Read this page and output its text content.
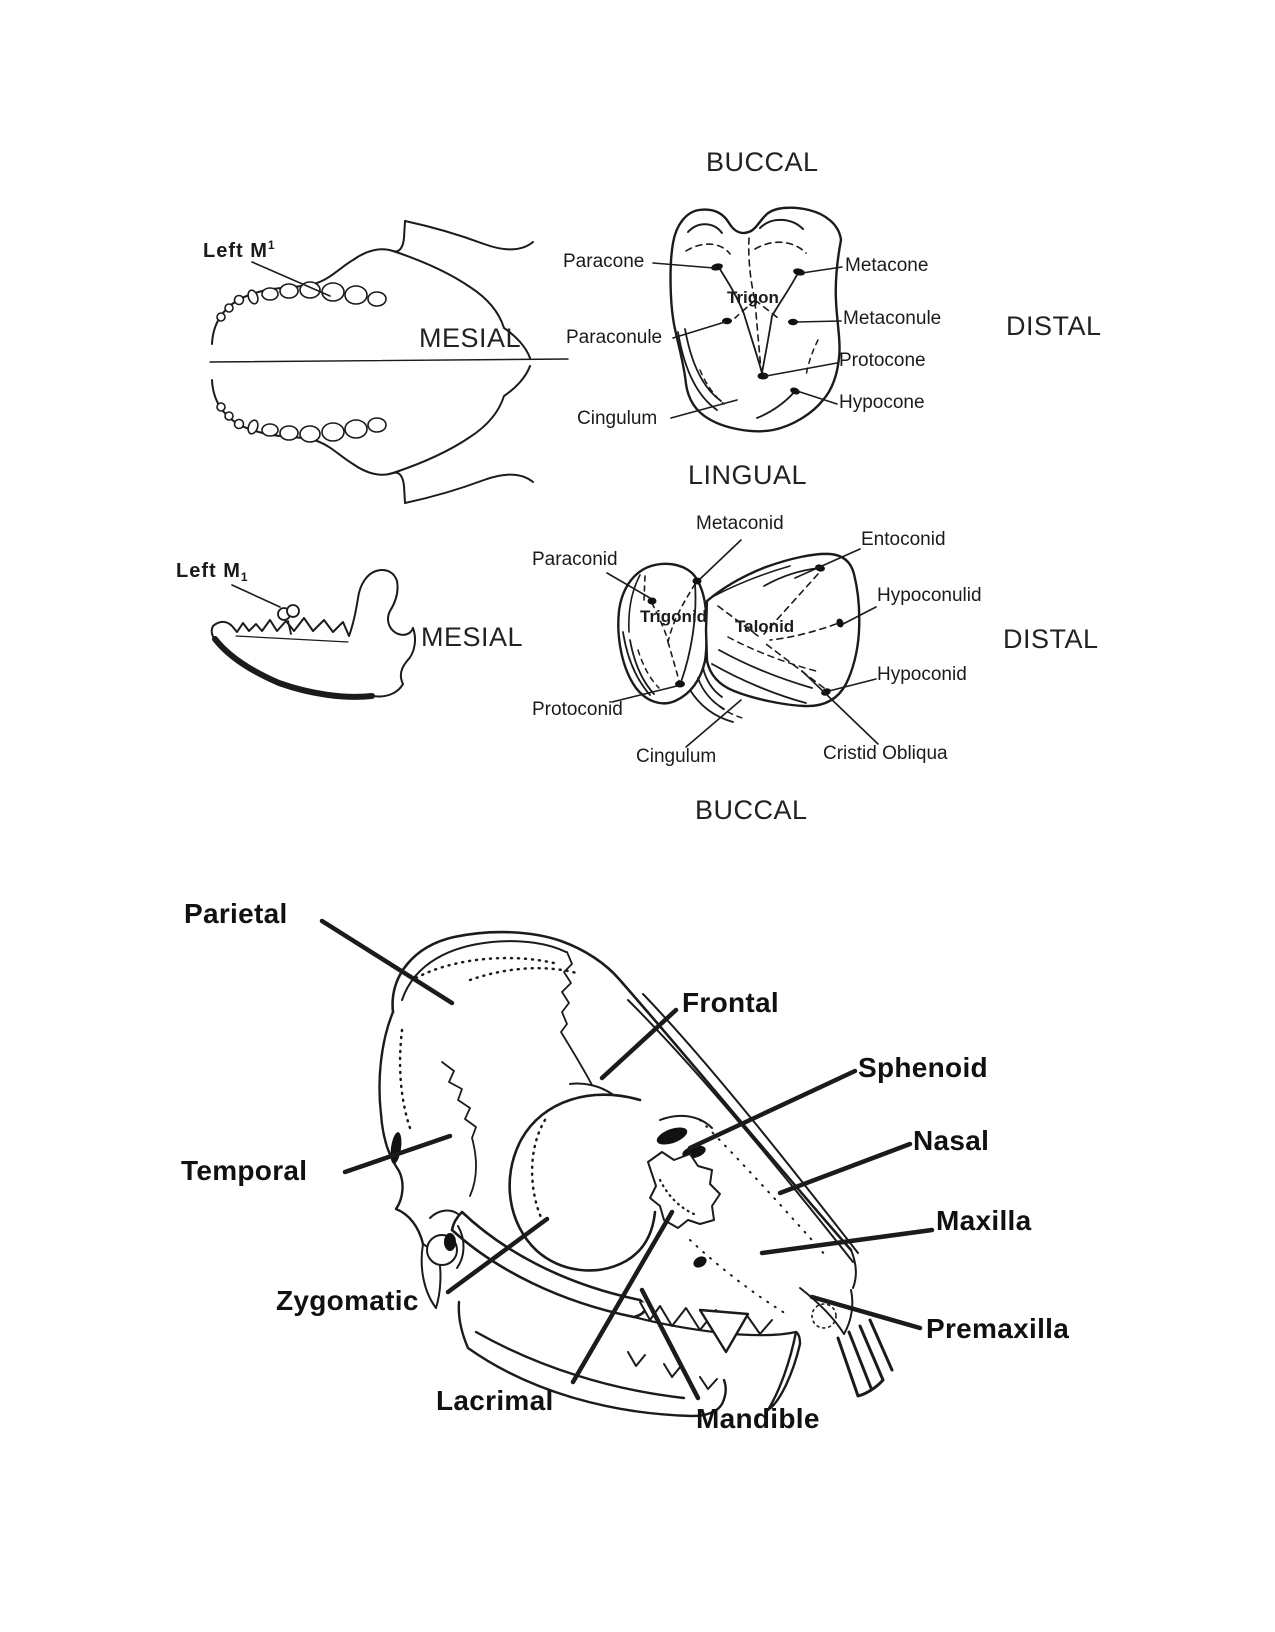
BUCCAL
Left $M^1$
MESIAL
Paracone	Metacone
Trigon
Paraconule
Metaconule DISTAL
Protocone
Cingulum
Hypocone
LINGUAL
Left $M_1$
MESIAL
Metaconid
Entoconid
Paraconid
Hypoconulid
Trigonid
Talonid	DISTAL
Hypoconid
Protoconid
Cingulum	Cristid Obliqua
BUCCAL
Parietal
Frontal
Sphenoid
Nasal
Temporal
Maxilla
Zygomatic
Premaxilla
Lacrimal
Mandible
